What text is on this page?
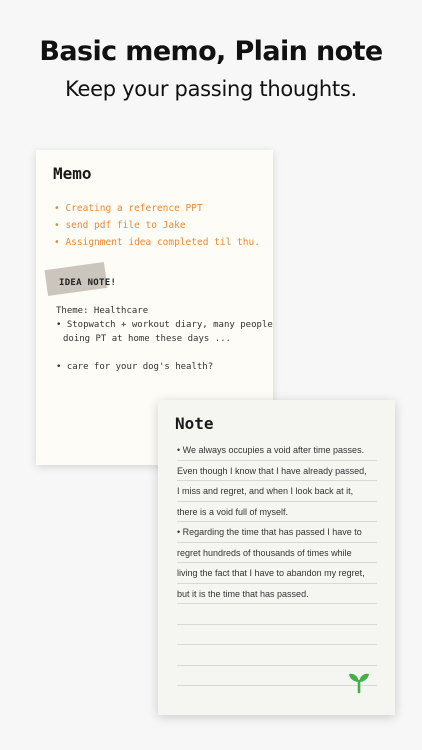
Basic memo, Plain note
Keep your passing thoughts.
Memo
• Creating a reference PPT
• send pdf file to Jake
• Assignment idea completed til thu.
IDEA NOTE!
Theme: Healthcare
• Stopwatch + workout diary, many people
doing PT at home these days ...
• care for your dog's health?
Note
• We always occupies a void after time passes.
Even though I know that I have already passed,
I miss and regret, and when I look back at it,
there is a void full of myself.
• Regarding the time that has passed I have to
regret hundreds of thousands of times while
living the fact that I have to abandon my regret,
but it is the time that has passed.
